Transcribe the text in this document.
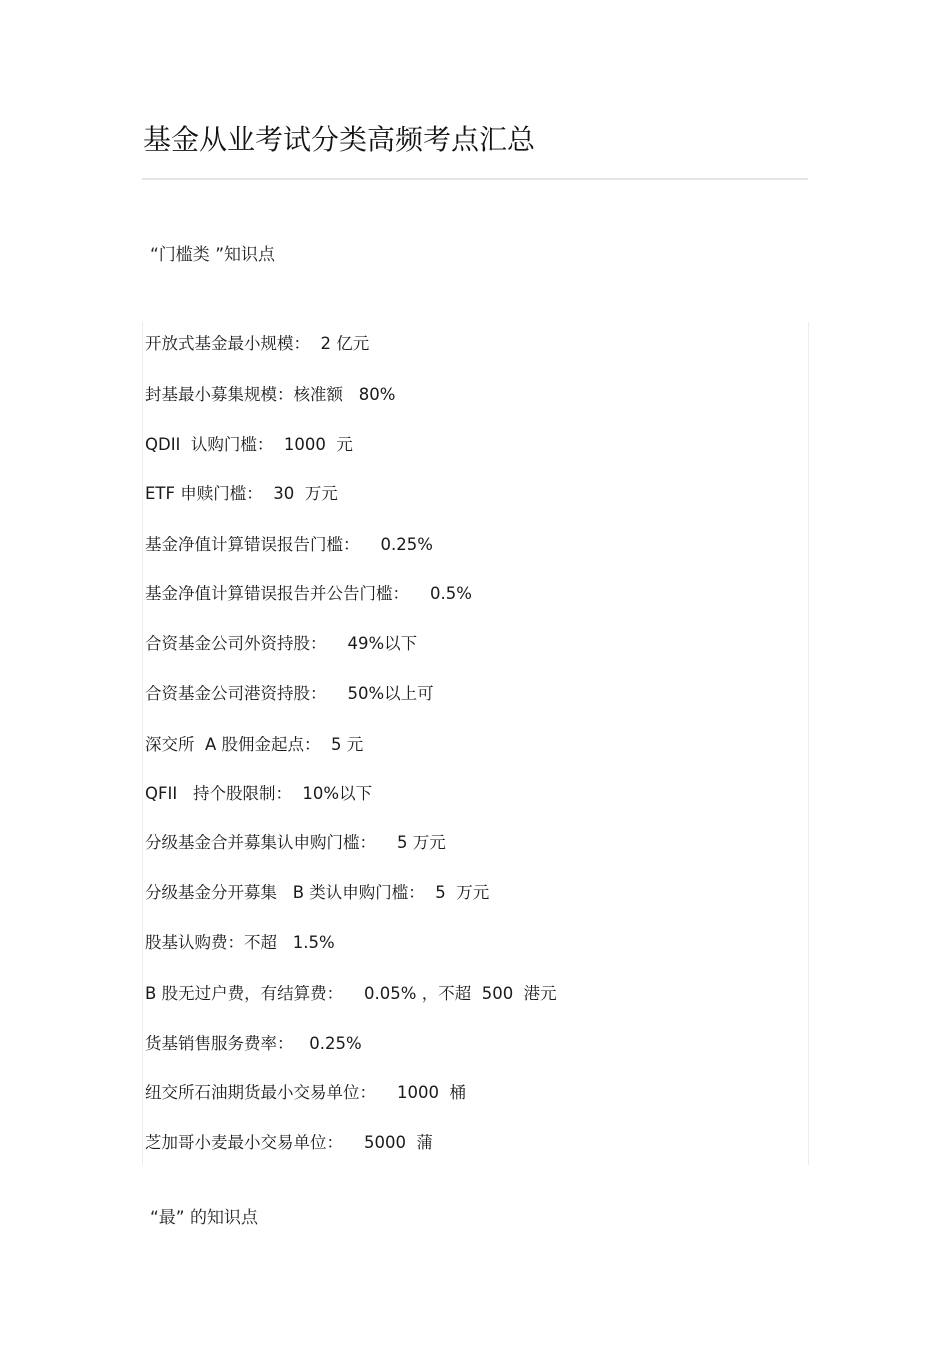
基金从业考试分类高频考点汇总
“门槛类 ”知识点
开放式基金最小规模：  2 亿元
封基最小募集规模：核准额   80%
QDII  认购门槛：  1000  元
ETF 申赎门槛：  30  万元
基金净值计算错误报告门槛：    0.25%
基金净值计算错误报告并公告门槛：    0.5%
合资基金公司外资持股：    49%以下
合资基金公司港资持股：    50%以上可
深交所  A 股佣金起点：  5 元
QFII   持个股限制：  10%以下
分级基金合并募集认申购门槛：    5 万元
分级基金分开募集   B 类认申购门槛：  5  万元
股基认购费：不超   1.5%
B 股无过户费，有结算费：    0.05% ，不超  500  港元
货基销售服务费率：   0.25%
纽交所石油期货最小交易单位：    1000  桶
芝加哥小麦最小交易单位：    5000  蒲
“最” 的知识点
